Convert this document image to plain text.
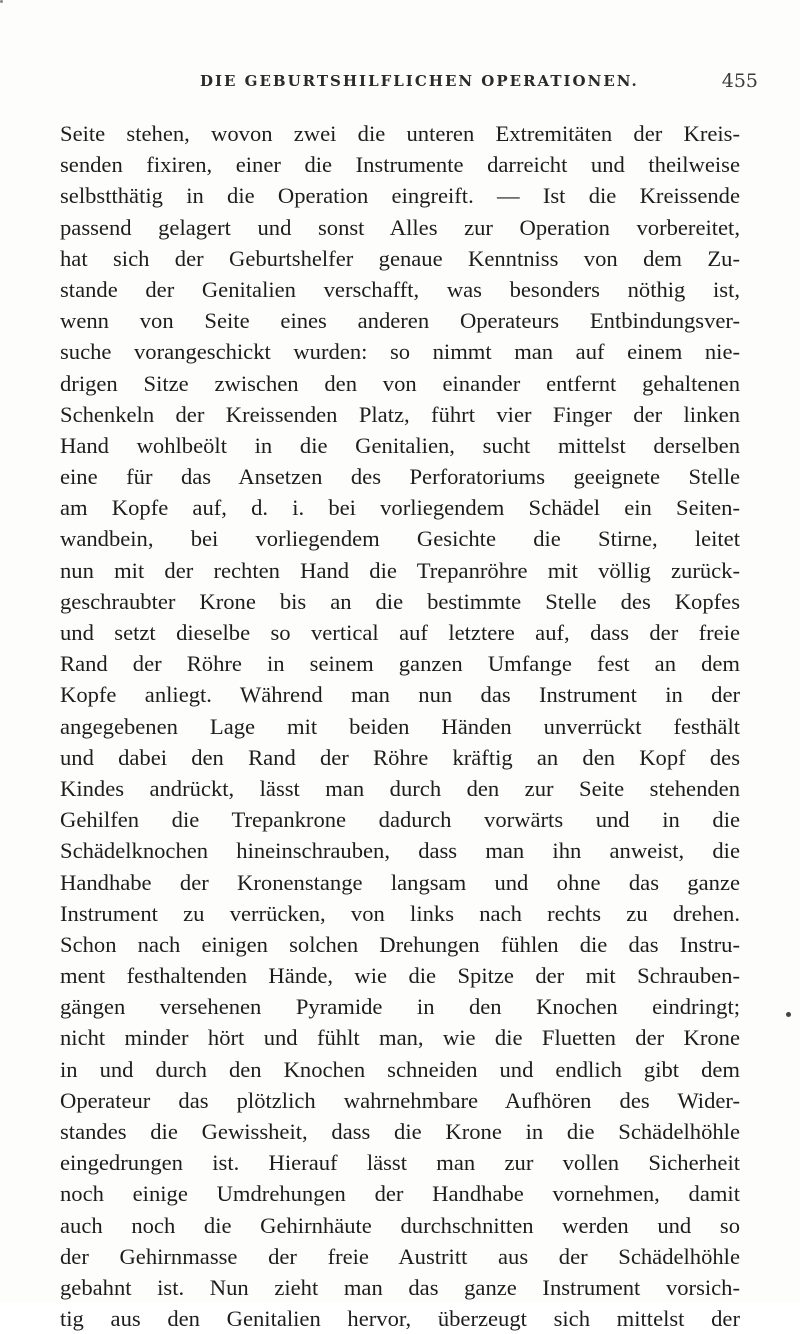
DIE GEBURTSHILFLICHEN OPERATIONEN.	455
Seite stehen, wovon zwei die unteren Extremitäten der Kreis-
senden fixiren, einer die Instrumente darreicht und theilweise
selbstthätig in die Operation eingreift. — Ist die Kreissende
passend gelagert und sonst Alles zur Operation vorbereitet,
hat sich der Geburtshelfer genaue Kenntniss von dem Zu-
stande der Genitalien verschafft, was besonders nöthig ist,
wenn von Seite eines anderen Operateurs Entbindungsver-
suche vorangeschickt wurden: so nimmt man auf einem nie-
drigen Sitze zwischen den von einander entfernt gehaltenen
Schenkeln der Kreissenden Platz, führt vier Finger der linken
Hand wohlbeölt in die Genitalien, sucht mittelst derselben
eine für das Ansetzen des Perforatoriums geeignete Stelle
am Kopfe auf, d. i. bei vorliegendem Schädel ein Seiten-
wandbein, bei vorliegendem Gesichte die Stirne, leitet
nun mit der rechten Hand die Trepanröhre mit völlig zurück-
geschraubter Krone bis an die bestimmte Stelle des Kopfes
und setzt dieselbe so vertical auf letztere auf, dass der freie
Rand der Röhre in seinem ganzen Umfange fest an dem
Kopfe anliegt. Während man nun das Instrument in der
angegebenen Lage mit beiden Händen unverrückt festhält
und dabei den Rand der Röhre kräftig an den Kopf des
Kindes andrückt, lässt man durch den zur Seite stehenden
Gehilfen die Trepankrone dadurch vorwärts und in die
Schädelknochen hineinschrauben, dass man ihn anweist, die
Handhabe der Kronenstange langsam und ohne das ganze
Instrument zu verrücken, von links nach rechts zu drehen.
Schon nach einigen solchen Drehungen fühlen die das Instru-
ment festhaltenden Hände, wie die Spitze der mit Schrauben-
gängen versehenen Pyramide in den Knochen eindringt;
nicht minder hört und fühlt man, wie die Fluetten der Krone
in und durch den Knochen schneiden und endlich gibt dem
Operateur das plötzlich wahrnehmbare Aufhören des Wider-
standes die Gewissheit, dass die Krone in die Schädelhöhle
eingedrungen ist. Hierauf lässt man zur vollen Sicherheit
noch einige Umdrehungen der Handhabe vornehmen, damit
auch noch die Gehirnhäute durchschnitten werden und so
der Gehirnmasse der freie Austritt aus der Schädelhöhle
gebahnt ist. Nun zieht man das ganze Instrument vorsich-
tig aus den Genitalien hervor, überzeugt sich mittelst der
